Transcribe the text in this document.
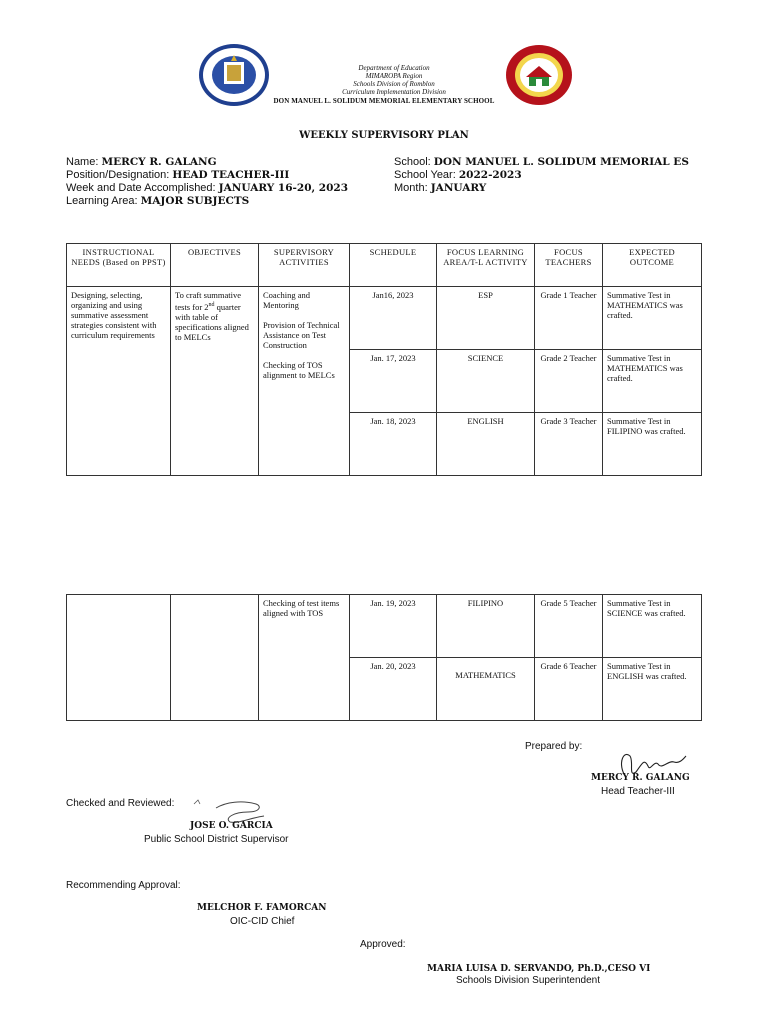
Department of Education
MIMAROPA Region
Schools Division of Romblon
Curriculum Implementation Division
DON MANUEL L. SOLIDUM MEMORIAL ELEMENTARY SCHOOL
WEEKLY SUPERVISORY PLAN
Name: MERCY R. GALANG
Position/Designation: HEAD TEACHER-III
Week and Date Accomplished: JANUARY 16-20, 2023
Learning Area: MAJOR SUBJECTS
School: DON MANUEL L. SOLIDUM MEMORIAL ES
School Year: 2022-2023
Month: JANUARY
INSTRUCTIONAL NEEDS (Based on PPST)	OBJECTIVES	SUPERVISORY ACTIVITIES	SCHEDULE	FOCUS LEARNING AREA/T-L ACTIVITY	FOCUS TEACHERS	EXPECTED OUTCOME
Designing, selecting, organizing and using summative assessment strategies consistent with curriculum requirements	To craft summative tests for 2nd quarter with table of specifications aligned to MELCs	Coaching and Mentoring
Provision of Technical Assistance on Test Construction
Checking of TOS alignment to MELCs	Jan16, 2023	ESP	Grade 1 Teacher	Summative Test in MATHEMATICS was crafted.
			Jan. 17, 2023	SCIENCE	Grade 2 Teacher	Summative Test in MATHEMATICS was crafted.
			Jan. 18, 2023	ENGLISH	Grade 3 Teacher	Summative Test in FILIPINO was crafted.
		Checking of test items aligned with TOS	Jan. 19, 2023	FILIPINO	Grade 5 Teacher	Summative Test in SCIENCE was crafted.
			Jan. 20, 2023	MATHEMATICS	Grade 6 Teacher	Summative Test in ENGLISH was crafted.
Prepared by:
MERCY R. GALANG
Head Teacher-III
Checked and Reviewed:
JOSE O. GARCIA
Public School District Supervisor
Recommending Approval:
MELCHOR F. FAMORCAN
OIC-CID Chief
Approved:
MARIA LUISA D. SERVANDO, Ph.D.,CESO VI
Schools Division Superintendent
